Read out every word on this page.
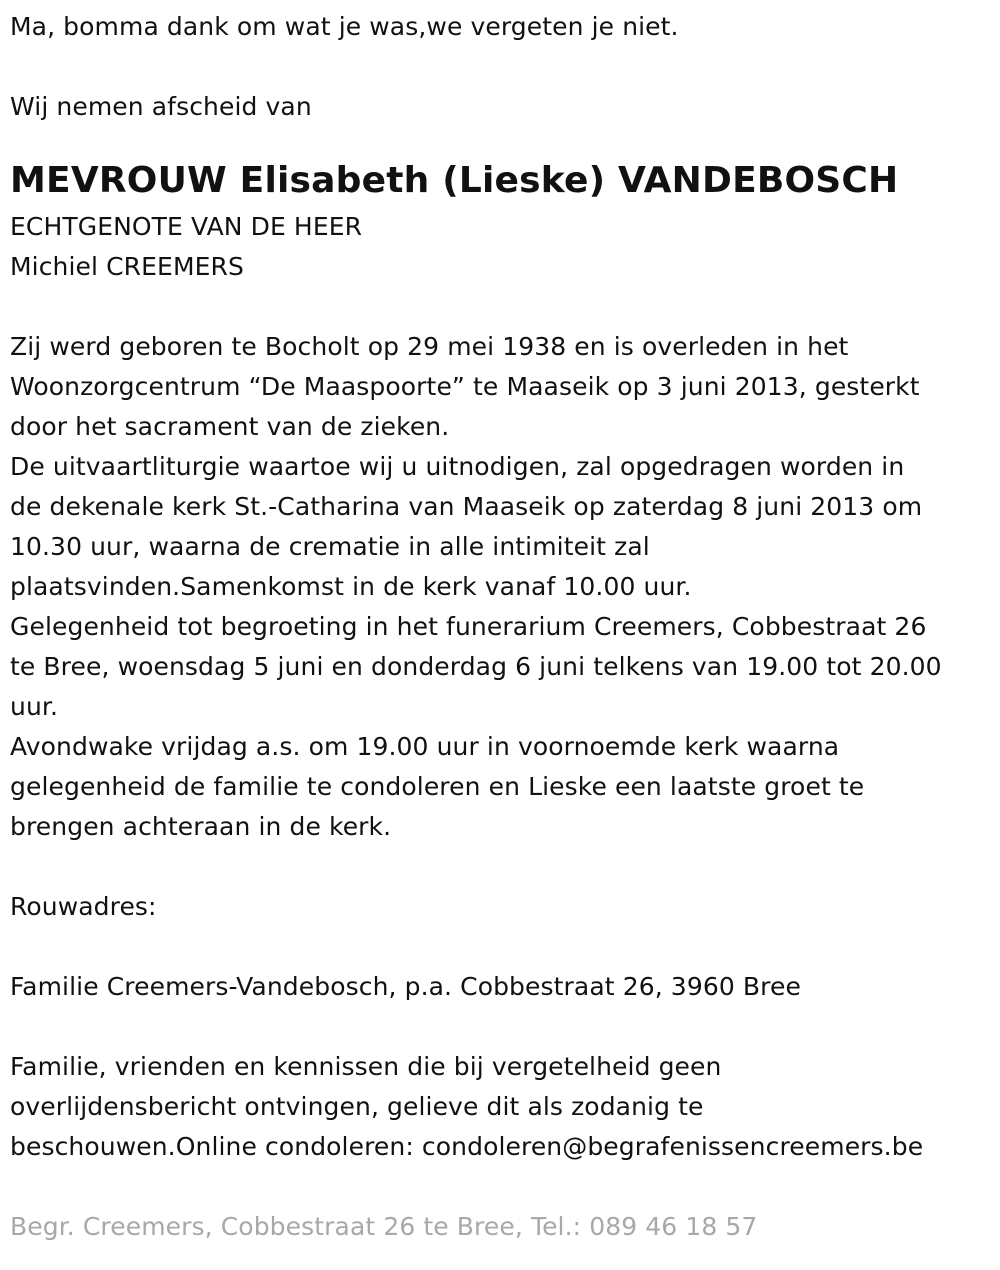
Ma, bomma dank om wat je was,we vergeten je niet.
Wij nemen afscheid van
MEVROUW Elisabeth (Lieske) VANDEBOSCH
ECHTGENOTE VAN DE HEER
Michiel CREEMERS
Zij werd geboren te Bocholt op 29 mei 1938 en is overleden in het
Woonzorgcentrum “De Maaspoorte” te Maaseik op 3 juni 2013, gesterkt
door het sacrament van de zieken.
De uitvaartliturgie waartoe wij u uitnodigen, zal opgedragen worden in
de dekenale kerk St.-Catharina van Maaseik op zaterdag 8 juni 2013 om
10.30 uur, waarna de crematie in alle intimiteit zal
plaatsvinden.Samenkomst in de kerk vanaf 10.00 uur.
Gelegenheid tot begroeting in het funerarium Creemers, Cobbestraat 26
te Bree, woensdag 5 juni en donderdag 6 juni telkens van 19.00 tot 20.00
uur.
Avondwake vrijdag a.s. om 19.00 uur in voornoemde kerk waarna
gelegenheid de familie te condoleren en Lieske een laatste groet te
brengen achteraan in de kerk.
Rouwadres:
Familie Creemers-Vandebosch, p.a. Cobbestraat 26, 3960 Bree
Familie, vrienden en kennissen die bij vergetelheid geen
overlijdensbericht ontvingen, gelieve dit als zodanig te
beschouwen.Online condoleren: condoleren@begrafenissencreemers.be
Begr. Creemers, Cobbestraat 26 te Bree, Tel.: 089 46 18 57
